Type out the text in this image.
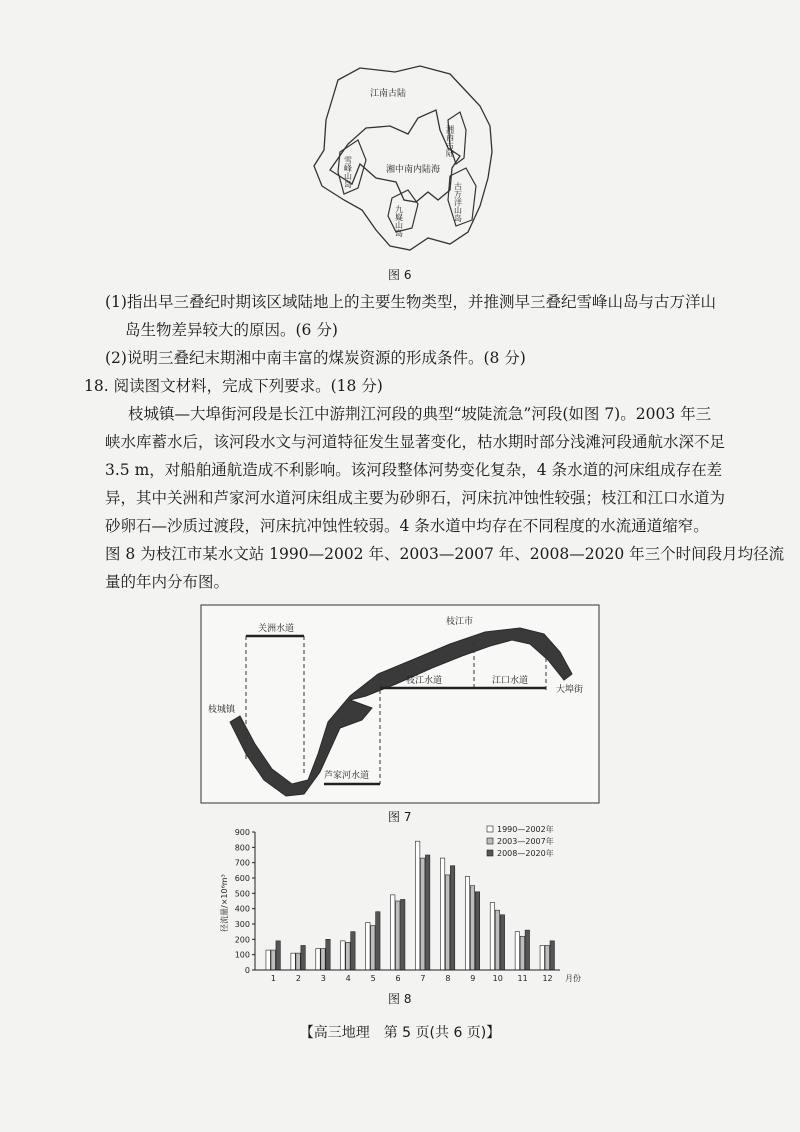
江南古陆
湘中南内陆海
湘西古陆
雪峰山岛
九嶷山岛	古万洋山岛
图 6
(1)指出早三叠纪时期该区域陆地上的主要生物类型，并推测早三叠纪雪峰山岛与古万洋山
岛生物差异较大的原因。(6 分)
(2)说明三叠纪末期湘中南丰富的煤炭资源的形成条件。(8 分)
18. 阅读图文材料，完成下列要求。(18 分)
枝城镇—大埠街河段是长江中游荆江河段的典型“坡陡流急”河段(如图 7)。2003 年三
峡水库蓄水后，该河段水文与河道特征发生显著变化，枯水期时部分浅滩河段通航水深不足
3.5 m，对船舶通航造成不利影响。该河段整体河势变化复杂，4 条水道的河床组成存在差
异，其中关洲和芦家河水道河床组成主要为砂卵石，河床抗冲蚀性较强；枝江和江口水道为
砂卵石—沙质过渡段，河床抗冲蚀性较弱。4 条水道中均存在不同程度的水流通道缩窄。
图 8 为枝江市某水文站 1990—2002 年、2003—2007 年、2008—2020 年三个时间段月均径流
量的年内分布图。
关洲水道
枝江市
枝江水道	江口水道
大埠街
枝城镇
芦家河水道
图 7
0
100
200
300
400
500
600
700
800
900
1 2 3 4 5 6 7 8 9 10 11 12
1990—2002年
2003—2007年
2008—2020年
径流量/×10⁶m³
月份
图 8
【高三地理　第 5 页(共 6 页)】
